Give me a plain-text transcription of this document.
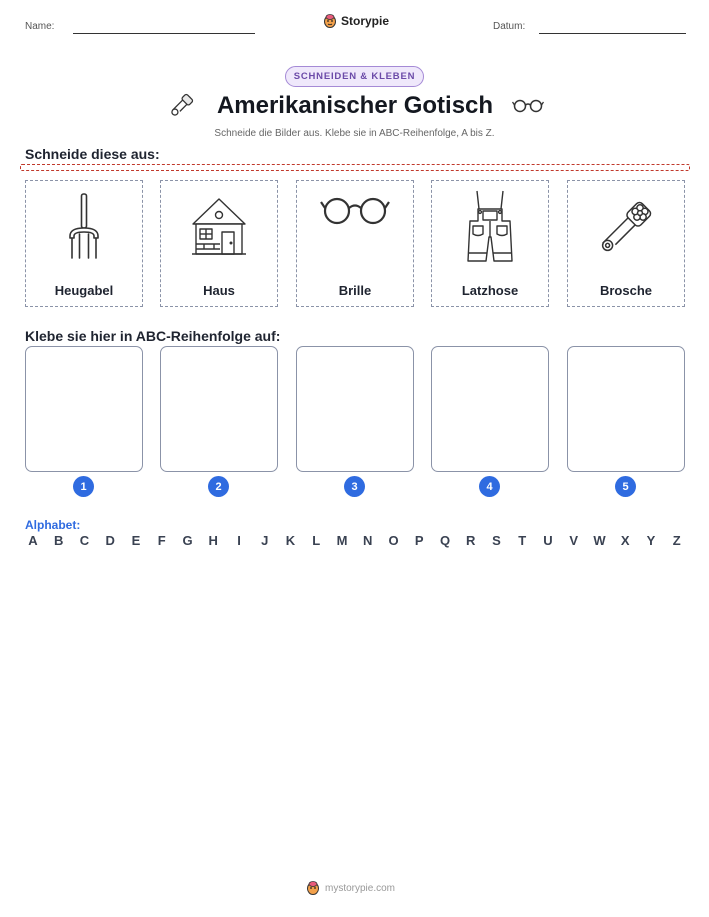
Name:	Storypie	Datum:
SCHNEIDEN & KLEBEN
Amerikanischer Gotisch
Schneide die Bilder aus. Klebe sie in ABC-Reihenfolge, A bis Z.
Schneide diese aus:
Heugabel	Haus	Brille	Latzhose	Brosche
Klebe sie hier in ABC-Reihenfolge auf:
1	2	3	4	5
Alphabet:
A B C D E	F	G H	I	J	K	L	M N O P Q R S	T	U V W X Y	Z
mystorypie.com
